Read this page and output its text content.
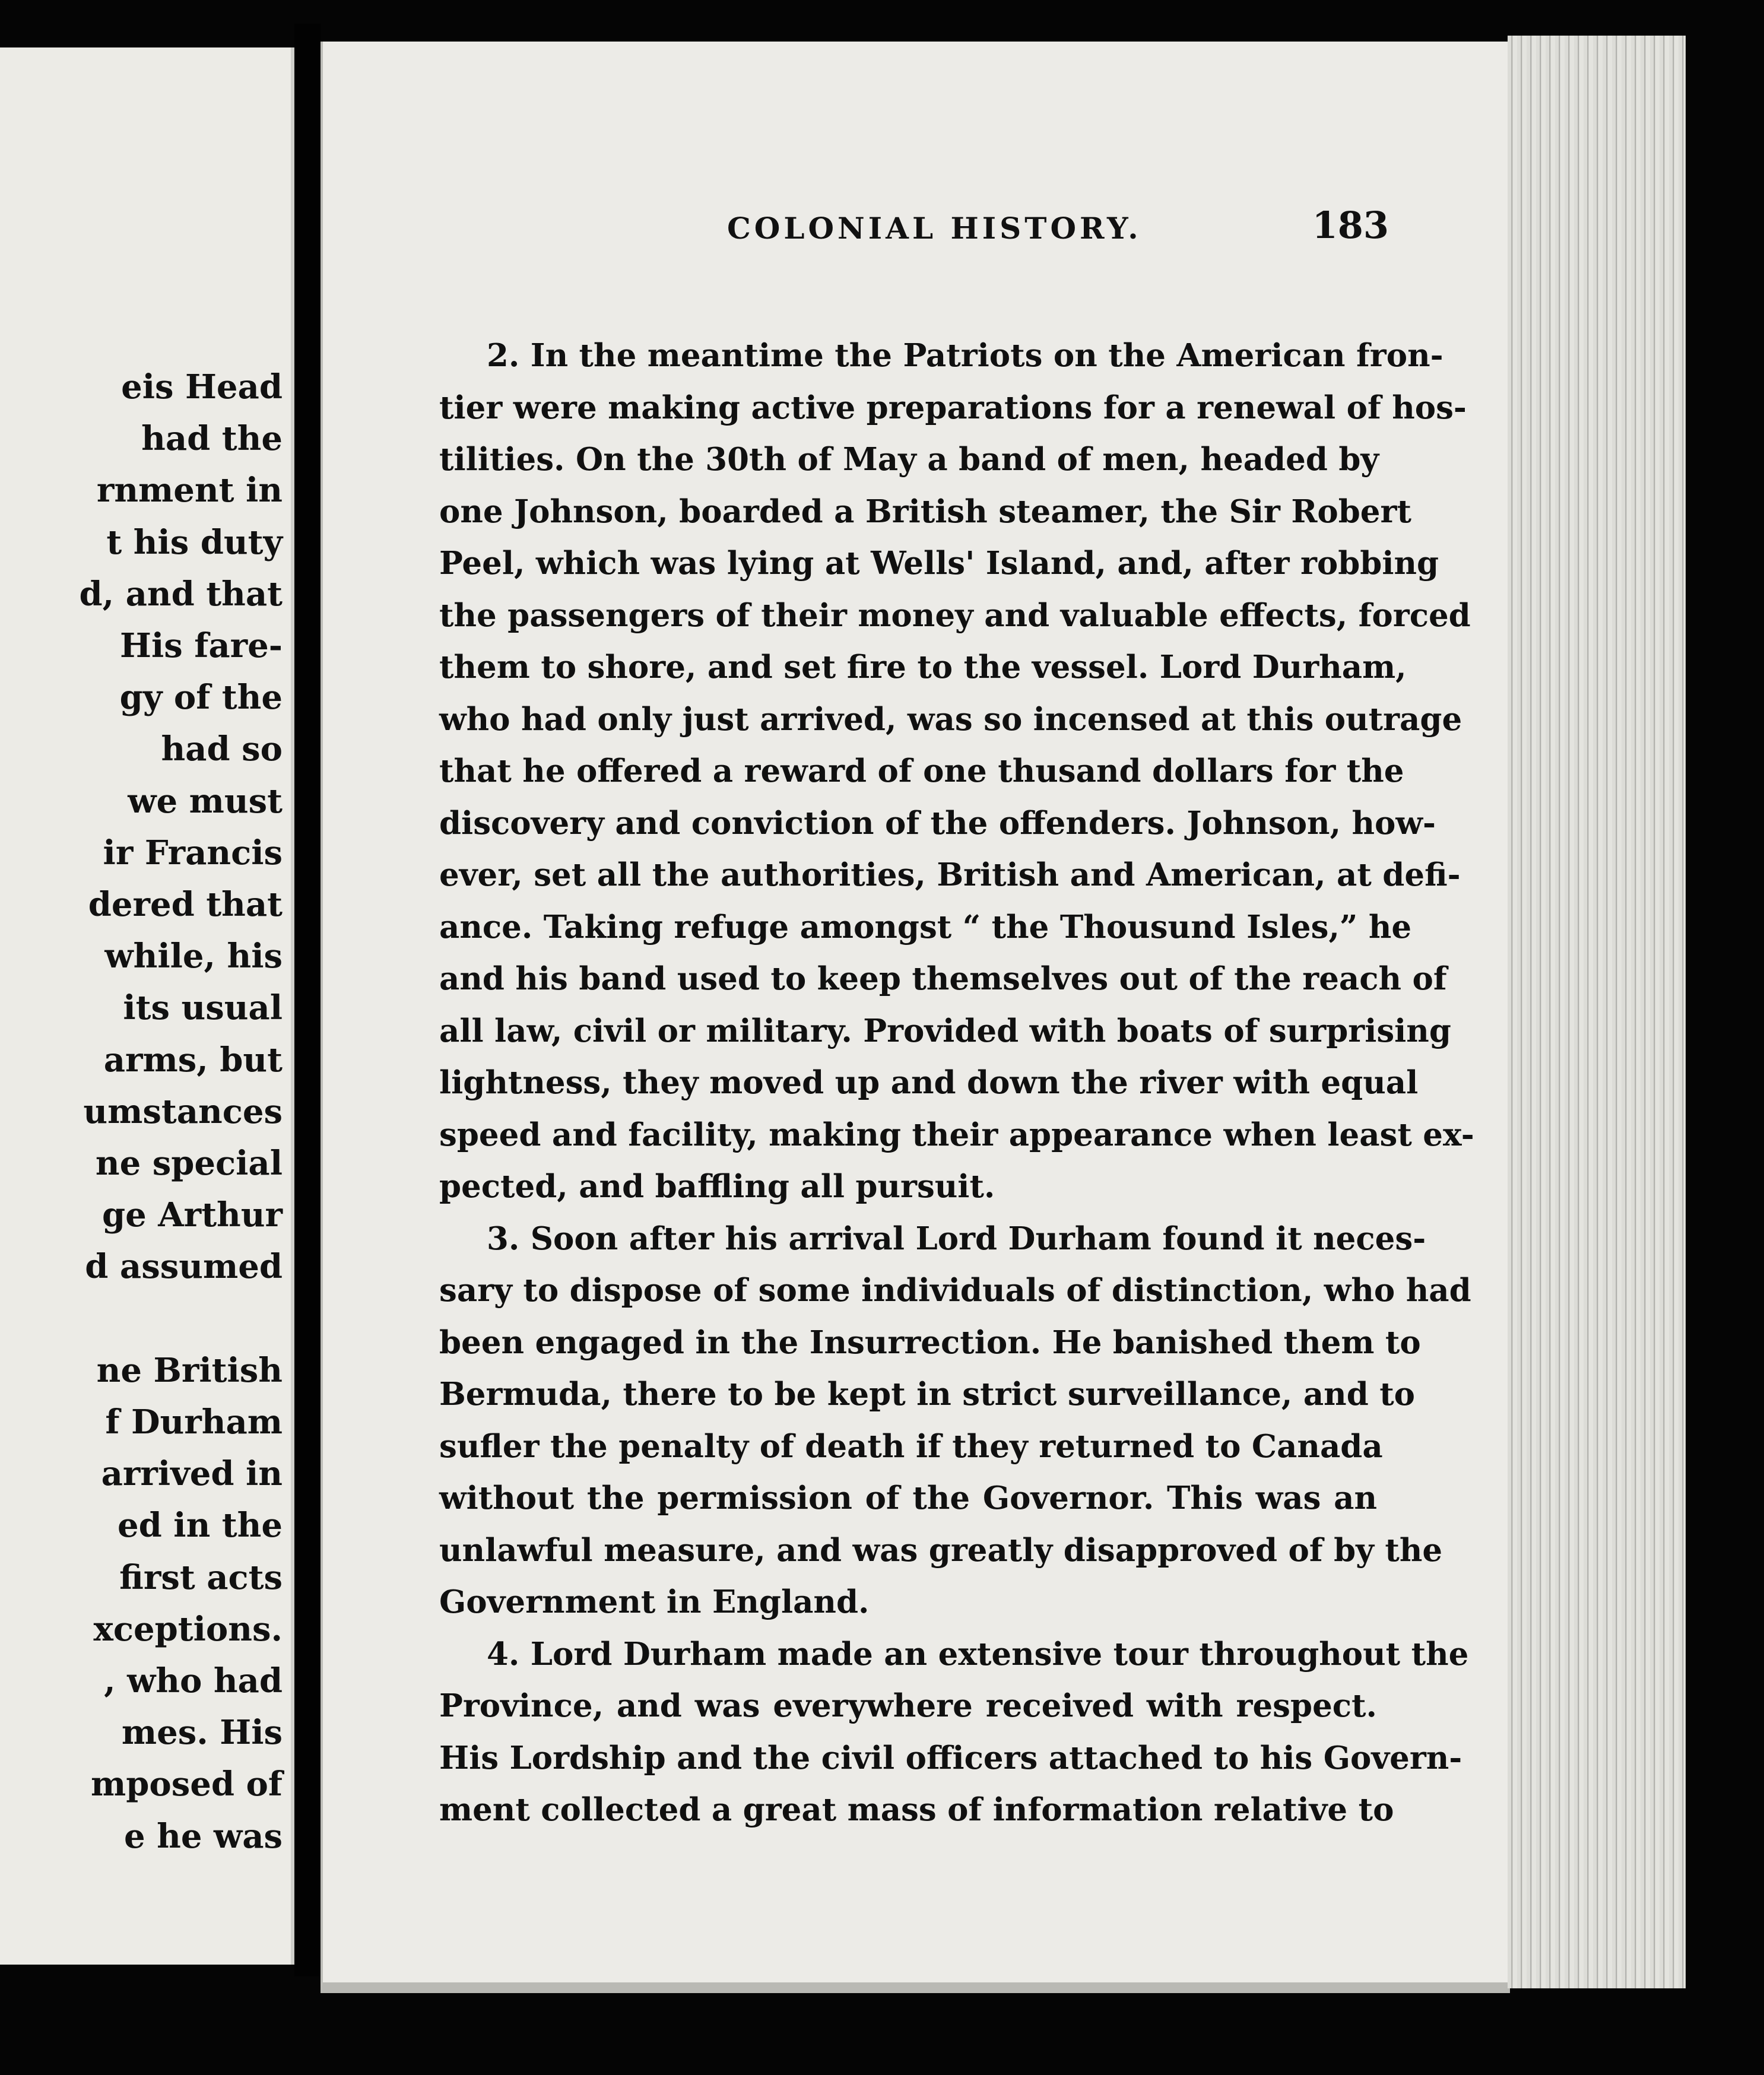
eis Head
had the
rnment in
t his duty
d, and that
His fare-
gy of the
had so
we must
ir Francis
dered that
while, his
its usual
arms, but
umstances
ne special
ge Arthur
d assumed
ne British
f Durham
arrived in
ed in the
first acts
xceptions.
, who had
mes. His
mposed of
e he was
COLONIAL HISTORY.	183
2. In the meantime the Patriots on the American fron-
tier were making active preparations for a renewal of hos-
tilities. On the 30th of May a band of men, headed by
one Johnson, boarded a British steamer, the Sir Robert
Peel, which was lying at Wells' Island, and, after robbing
the passengers of their money and valuable effects, forced
them to shore, and set fire to the vessel. Lord Durham,
who had only just arrived, was so incensed at this outrage
that he offered a reward of one thusand dollars for the
discovery and conviction of the offenders. Johnson, how-
ever, set all the authorities, British and American, at defi-
ance. Taking refuge amongst “ the Thousund Isles,” he
and his band used to keep themselves out of the reach of
all law, civil or military. Provided with boats of surprising
lightness, they moved up and down the river with equal
speed and facility, making their appearance when least ex-
pected, and baffling all pursuit.
3. Soon after his arrival Lord Durham found it neces-
sary to dispose of some individuals of distinction, who had
been engaged in the Insurrection. He banished them to
Bermuda, there to be kept in strict surveillance, and to
sufler the penalty of death if they returned to Canada
without the permission of the Governor. This was an
unlawful measure, and was greatly disapproved of by the
Government in England.
4. Lord Durham made an extensive tour throughout the
Province, and was everywhere received with respect.
His Lordship and the civil officers attached to his Govern-
ment collected a great mass of information relative to
